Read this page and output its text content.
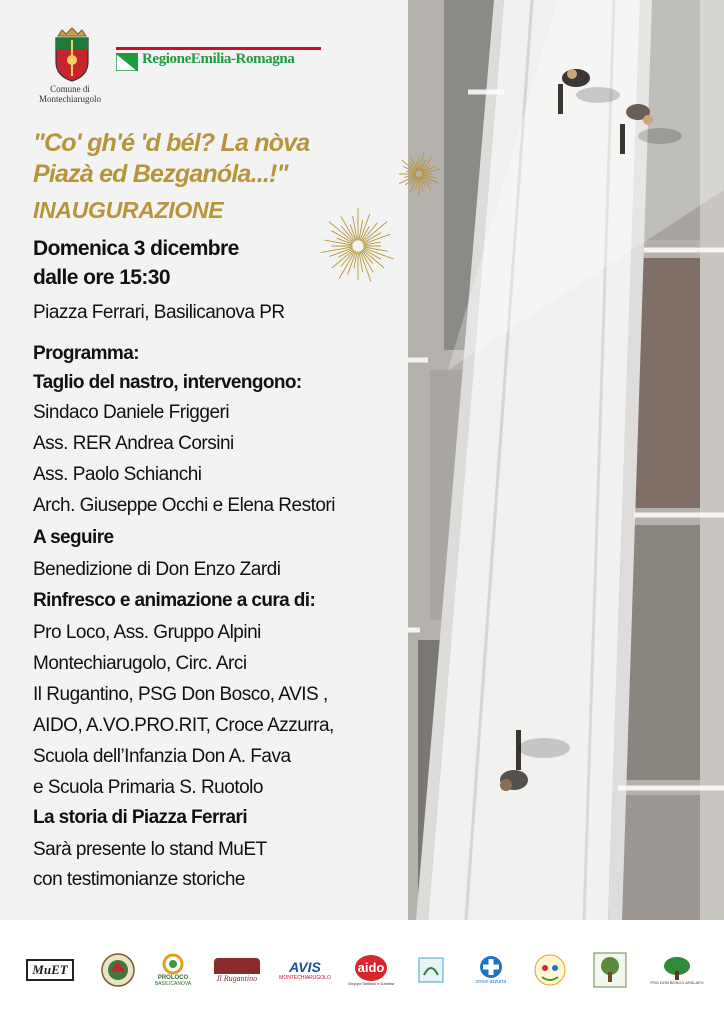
Comune di
Montechiarugolo
RegioneEmilia-Romagna
"Co' gh'é 'd bél? La nòva
Piazà ed Bezganóla...!"
INAUGURAZIONE
Domenica 3 dicembre
dalle ore 15:30
Piazza Ferrari, Basilicanova PR
Programma:
Taglio del nastro, intervengono:
Sindaco Daniele Friggeri
Ass. RER Andrea Corsini
Ass. Paolo Schianchi
Arch. Giuseppe Occhi e Elena Restori
A seguire
Benedizione di Don Enzo Zardi
Rinfresco e animazione a cura di:
Pro Loco, Ass. Gruppo Alpini
Montechiarugolo, Circ. Arci
Il Rugantino, PSG Don Bosco, AVIS ,
AIDO, A.VO.PRO.RIT, Croce Azzurra,
Scuola dell’Infanzia Don A. Fava
e Scuola Primaria S. Ruotolo
La storia di Piazza Ferrari
Sarà presente lo stand MuET
con testimonianze storiche
MuET
PROLOCO
BASILICANOVA
Il Rugantino
AVIS
MONTECHIARUGOLO
aido
Gruppo Stefano e Daniela	croce azzurra	PSG DON BOSCO ASSLAFO
